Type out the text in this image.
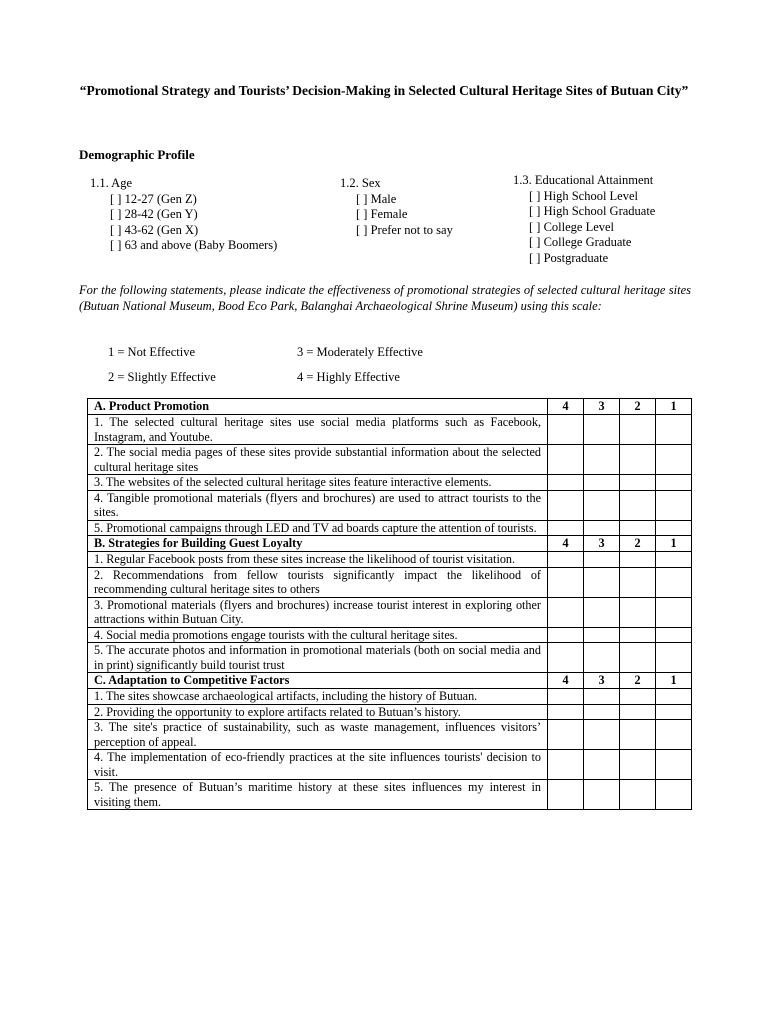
“Promotional Strategy and Tourists’ Decision-Making in Selected Cultural Heritage Sites of Butuan City”
Demographic Profile
1.1. Age
[ ] 12-27 (Gen Z)
[ ] 28-42 (Gen Y)
[ ] 43-62 (Gen X)
[ ] 63 and above (Baby Boomers)
1.2. Sex
[ ] Male
[ ] Female
[ ] Prefer not to say
1.3. Educational Attainment
[ ] High School Level
[ ] High School Graduate
[ ] College Level
[ ] College Graduate
[ ] Postgraduate
For the following statements, please indicate the effectiveness of promotional strategies of selected cultural heritage sites (Butuan National Museum, Bood Eco Park, Balanghai Archaeological Shrine Museum) using this scale:
1 = Not Effective	3 = Moderately Effective
2 = Slightly Effective	4 = Highly Effective
A. Product Promotion	4	3	2	1
1. The selected cultural heritage sites use social media platforms such as Facebook, Instagram, and Youtube.				
2. The social media pages of these sites provide substantial information about the selected cultural heritage sites				
3. The websites of the selected cultural heritage sites feature interactive elements.				
4. Tangible promotional materials (flyers and brochures) are used to attract tourists to the sites.				
5. Promotional campaigns through LED and TV ad boards capture the attention of tourists.				
B. Strategies for Building Guest Loyalty	4	3	2	1
1. Regular Facebook posts from these sites increase the likelihood of tourist visitation.				
2. Recommendations from fellow tourists significantly impact the likelihood of recommending cultural heritage sites to others				
3. Promotional materials (flyers and brochures) increase tourist interest in exploring other attractions within Butuan City.				
4. Social media promotions engage tourists with the cultural heritage sites.				
5. The accurate photos and information in promotional materials (both on social media and in print) significantly build tourist trust				
C. Adaptation to Competitive Factors	4	3	2	1
1. The sites showcase archaeological artifacts, including the history of Butuan.				
2. Providing the opportunity to explore artifacts related to Butuan’s history.				
3. The site's practice of sustainability, such as waste management, influences visitors’ perception of appeal.				
4. The implementation of eco-friendly practices at the site influences tourists' decision to visit.				
5. The presence of Butuan’s maritime history at these sites influences my interest in visiting them.				
